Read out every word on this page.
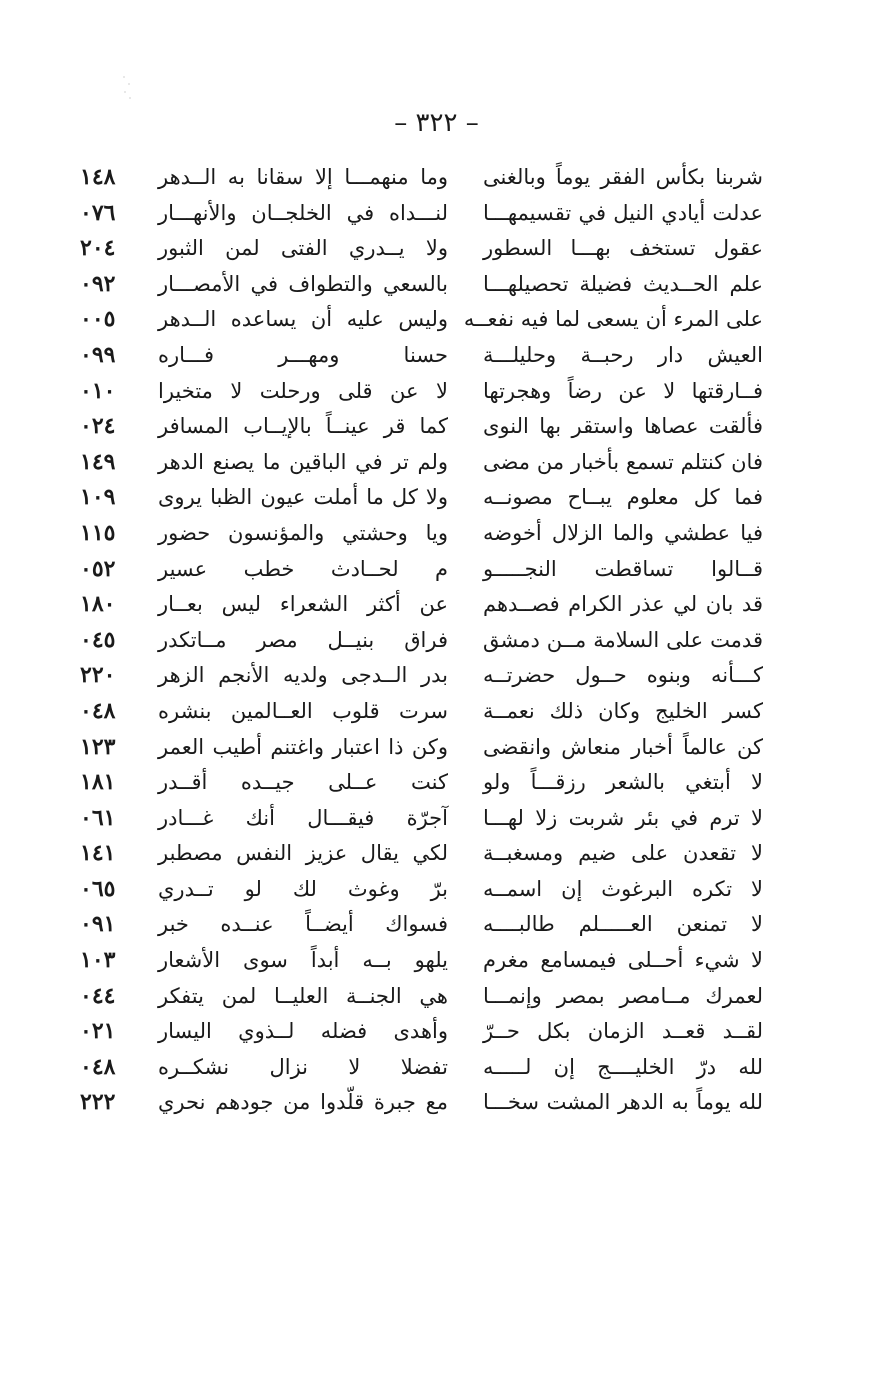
– ٣٢٢ –
شربنا بكأس الفقر يوماً وبالغنى
وما منهمـــا إلا سقانا به الــدهر
١٤٨
عدلت أيادي النيل في تقسيمهـــا
لنـــداه في الخلجــان والأنهـــار
٠٧٦
عقول تستخف بهـــا السطور
ولا يــدري الفتى لمن الثبور
٢٠٤
علم الحــديث فضيلة تحصيلهـــا
بالسعي والتطواف في الأمصـــار
٠٩٢
على المرء أن يسعى لما فيه نفعــه
وليس عليه أن يساعده الــدهر
٠٠٥
العيش دار رحبــة وحليلـــة
حسنا ومهـــر فـــاره
٠٩٩
فــارقتها لا عن رضاً وهجرتها
لا عن قلى ورحلت لا متخيرا
٠١٠
فألقت عصاها واستقر بها النوى
كما قر عينــاً بالإيــاب المسافر
٠٢٤
فان كنتلم تسمع بأخبار من مضى
ولم تر في الباقين ما يصنع الدهر
١٤٩
فما كل معلوم يبــاح مصونــه
ولا كل ما أملت عيون الظبا يروى
١٠٩
فيا عطشي والما الزلال أخوضه
ويا وحشتي والمؤنسون حضور
١١٥
قــالوا تساقطت النجـــــو
م لحــادث خطب عسير
٠٥٢
قد بان لي عذر الكرام فصــدهم
عن أكثر الشعراء ليس بعــار
١٨٠
قدمت على السلامة مــن دمشق
فراق بنيــل مصر مــاتكدر
٠٤٥
كـــأنه وبنوه حــول حضرتــه
بدر الــدجى ولديه الأنجم الزهر
٢٢٠
كسر الخليج وكان ذلك نعمــة
سرت قلوب العــالمين بنشره
٠٤٨
كن عالماً أخبار منعاش وانقضى
وكن ذا اعتبار واغتنم أطيب العمر
١٢٣
لا أبتغي بالشعر رزقـــاً ولو
كنت عــلى جيــده أقــدر
١٨١
لا ترم في بئر شربت زلا لهـــا
آجرّة فيقـــال أنك غـــادر
٠٦١
لا تقعدن على ضيم ومسغبــة
لكي يقال عزيز النفس مصطبر
١٤١
لا تكره البرغوث إن اسمــه
برّ وغوث لك لو تــدري
٠٦٥
لا تمنعن العـــــلم طالبــــه
فسواك أيضــاً عنــده خبر
٠٩١
لا شيء أحــلى فيمسامع مغرم
يلهو بــه أبداً سوى الأشعار
١٠٣
لعمرك مــامصر بمصر وإنمـــا
هي الجنــة العليــا لمن يتفكر
٠٤٤
لقــد قعــد الزمان بكل حــرّ
وأهدى فضله لــذوي اليسار
٠٢١
لله درّ الخليــــج إن لـــــه
تفضلا لا نزال نشكــره
٠٤٨
لله يوماً به الدهر المشت سخـــا
مع جبرة قلّدوا من جودهم نحري
٢٢٢
